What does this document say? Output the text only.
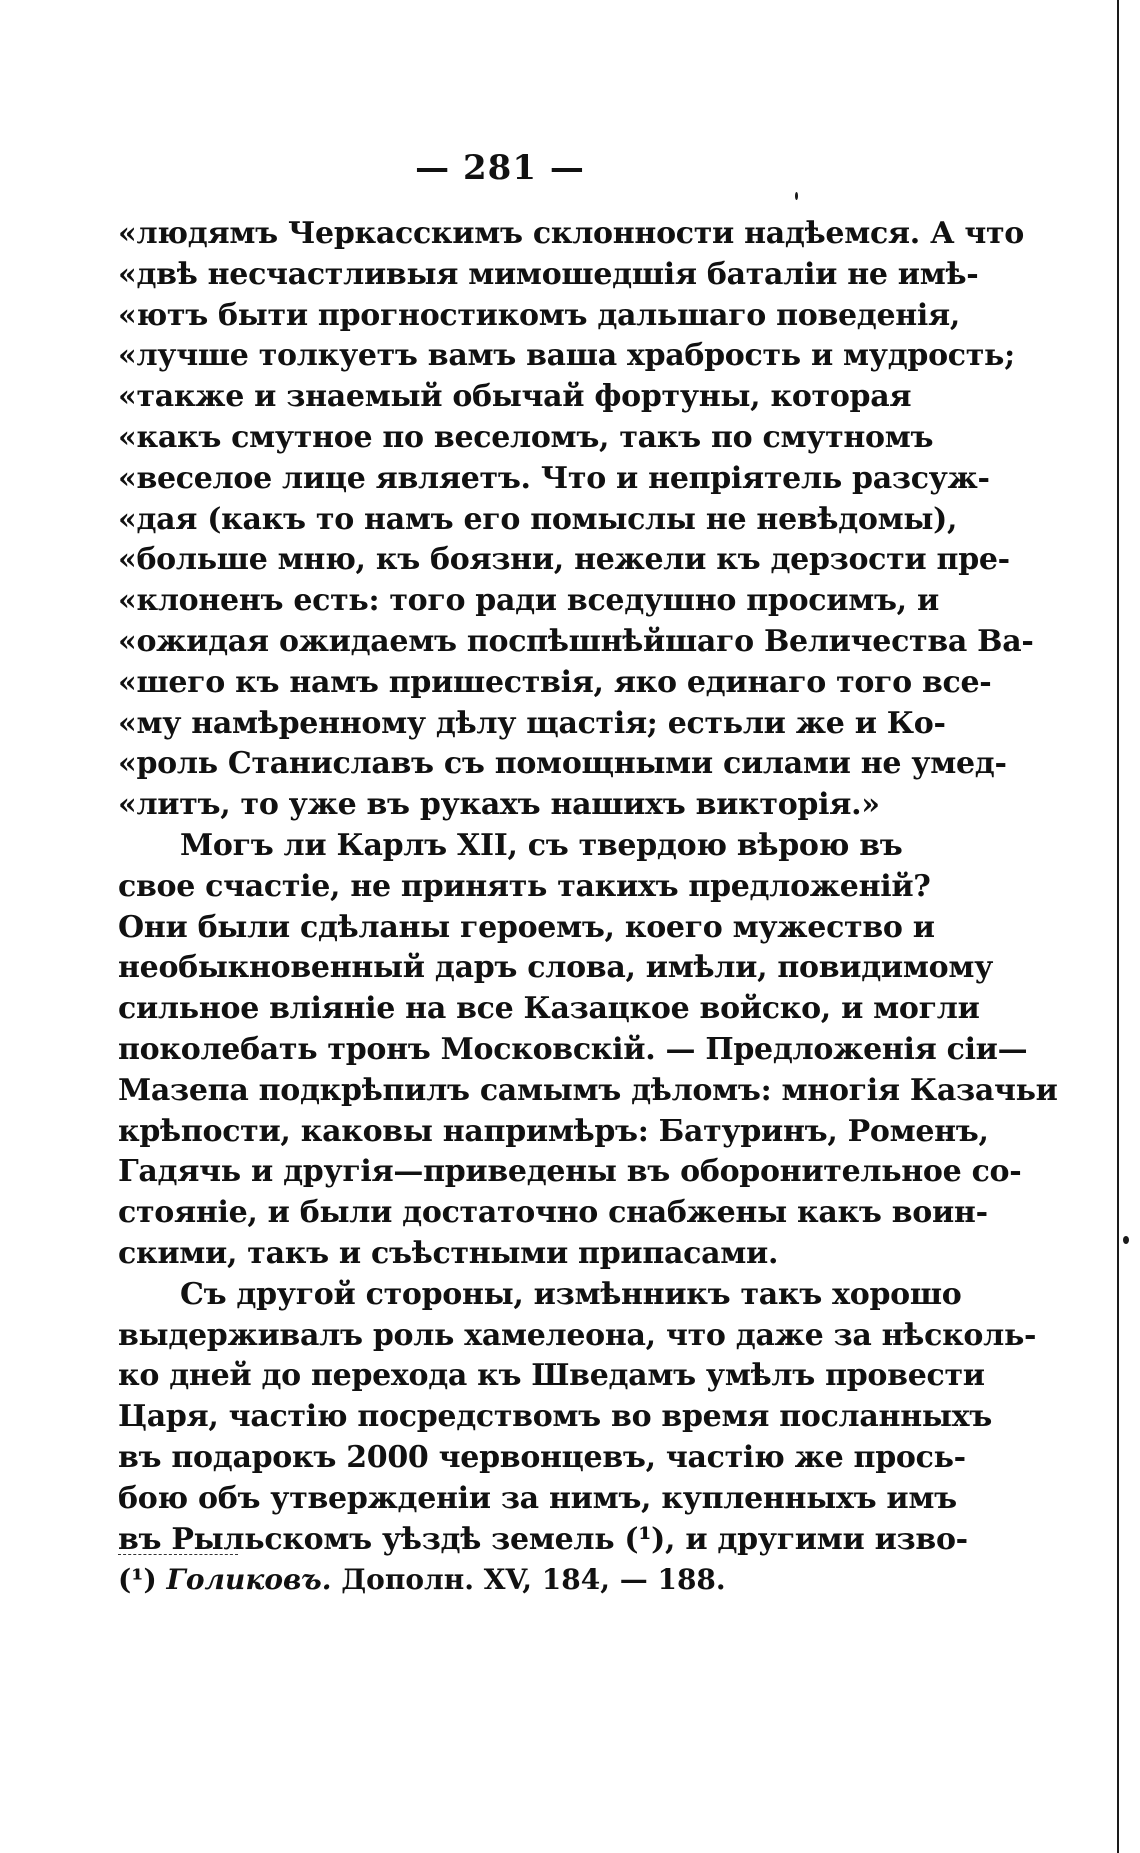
— 281 —
«людямъ Черкасскимъ склонности надѣемся. А что
«двѣ несчастливыя мимошедшія баталіи не имѣ-
«ютъ быти прогностикомъ дальшаго поведенія,
«лучше толкуетъ вамъ ваша храбрость и мудрость;
«также и знаемый обычай фортуны, которая
«какъ смутное по веселомъ, такъ по смутномъ
«веселое лице являетъ. Что и непріятель разсуж-
«дая (какъ то намъ его помыслы не невѣдомы),
«больше мню, къ боязни, нежели къ дерзости пре-
«клоненъ есть: того ради вседушно просимъ, и
«ожидая ожидаемъ поспѣшнѣйшаго Величества Ва-
«шего къ намъ пришествія, яко единаго того все-
«му намѣренному дѣлу щастія; естьли же и Ко-
«роль Станиславъ съ помощными силами не умед-
«литъ, то уже въ рукахъ нашихъ викторія.»
Могъ ли Карлъ XII, съ твердою вѣрою въ
свое счастіе, не принять такихъ предложеній?
Они были сдѣланы героемъ, коего мужество и
необыкновенный даръ слова, имѣли, повидимому
сильное вліяніе на все Казацкое войско, и могли
поколебать тронъ Московскій. — Предложенія сіи—
Мазепа подкрѣпилъ самымъ дѣломъ: многія Казачьи
крѣпости, каковы напримѣръ: Батуринъ, Роменъ,
Гадячь и другія—приведены въ оборонительное со-
стояніе, и были достаточно снабжены какъ воин-
скими, такъ и съѣстными припасами.
Съ другой стороны, измѣнникъ такъ хорошо
выдерживалъ роль хамелеона, что даже за нѣсколь-
ко дней до перехода къ Шведамъ умѣлъ провести
Царя, частію посредствомъ во время посланныхъ
въ подарокъ 2000 червонцевъ, частію же прось-
бою объ утвержденіи за нимъ, купленныхъ имъ
въ Рыльскомъ уѣздѣ земель (¹), и другими изво-
(¹) Голиковъ. Дополн. XV, 184, — 188.
